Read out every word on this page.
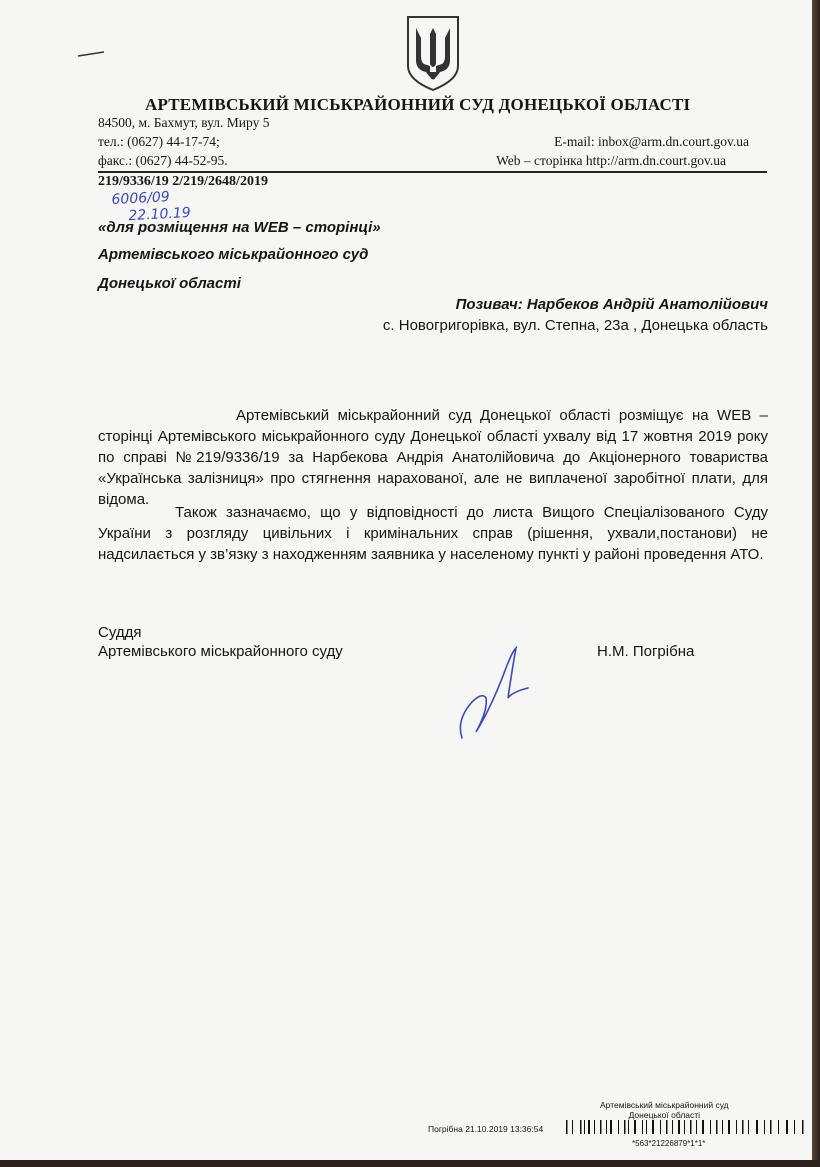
АРТЕМІВСЬКИЙ МІСЬКРАЙОННИЙ СУД ДОНЕЦЬКОЇ ОБЛАСТІ
84500, м. Бахмут, вул. Миру 5
тел.: (0627) 44-17-74;
факс.: (0627) 44-52-95.
E-mail: inbox@arm.dn.court.gov.ua
Web – сторінка http://arm.dn.court.gov.ua
219/9336/19 2/219/2648/2019
6006/09
22.10.19
«для розміщення на WEB – сторінці»
Артемівського міськрайонного суд
Донецької області
Позивач: Нарбеков Андрій Анатолійович
с. Новогригорівка, вул. Степна, 23а , Донецька область
Артемівський міськрайонний суд Донецької області розміщує на WEB – сторінці Артемівського міськрайонного суду Донецької області ухвалу від 17 жовтня 2019 року по справі №219/9336/19 за Нарбекова Андрія Анатолійовича до Акціонерного товариства «Українська залізниця» про стягнення нарахованої, але не виплаченої заробітної плати, для відома.
Також зазначаємо, що у відповідності до листа Вищого Спеціалізованого Суду України з розгляду цивільних і кримінальних справ (рішення, ухвали,постанови) не надсилається у зв’язку з находженням заявника у населеному пункті у районі проведення АТО.
Суддя
Артемівського міськрайонного суду	Н.М. Погрібна
Артемівський міськрайонний суд
Донецької області
Погрібна 21.10.2019 13:36:54
*563*21226879*1*1*
